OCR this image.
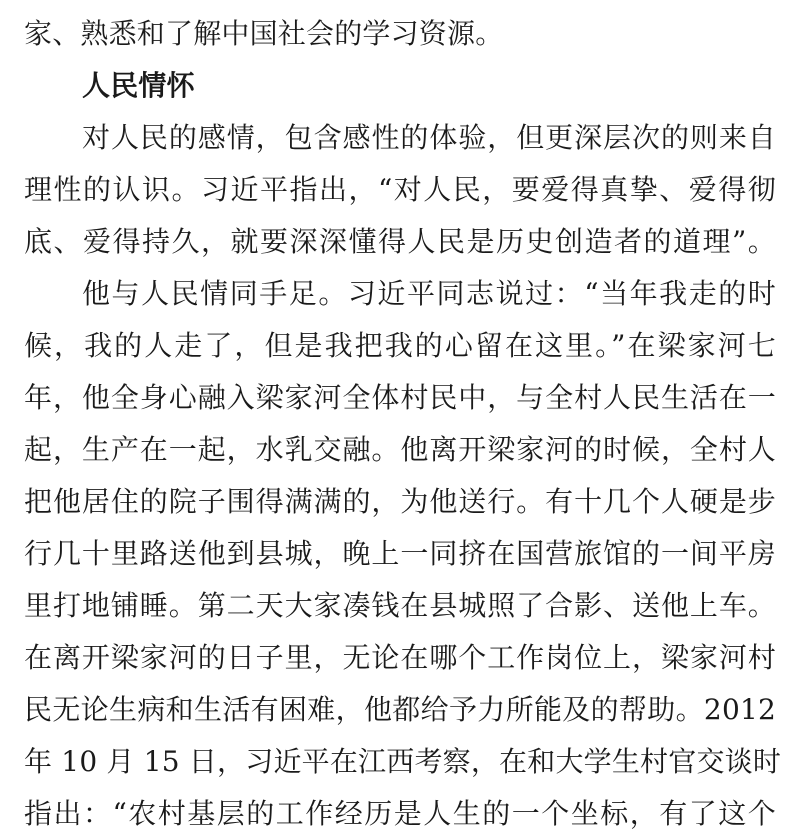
家、熟悉和了解中国社会的学习资源。
人民情怀
对人民的感情，包含感性的体验，但更深层次的则来自
理性的认识。习近平指出，“对人民，要爱得真挚、爱得彻
底、爱得持久，就要深深懂得人民是历史创造者的道理”。
他与人民情同手足。习近平同志说过：“当年我走的时
候，我的人走了，但是我把我的心留在这里。”在梁家河七
年，他全身心融入梁家河全体村民中，与全村人民生活在一
起，生产在一起，水乳交融。他离开梁家河的时候，全村人
把他居住的院子围得满满的，为他送行。有十几个人硬是步
行几十里路送他到县城，晚上一同挤在国营旅馆的一间平房
里打地铺睡。第二天大家凑钱在县城照了合影、送他上车。
在离开梁家河的日子里，无论在哪个工作岗位上，梁家河村
民无论生病和生活有困难，他都给予力所能及的帮助。2012
年 10 月 15 日，习近平在江西考察，在和大学生村官交谈时
指出：“农村基层的工作经历是人生的一个坐标，有了这个
